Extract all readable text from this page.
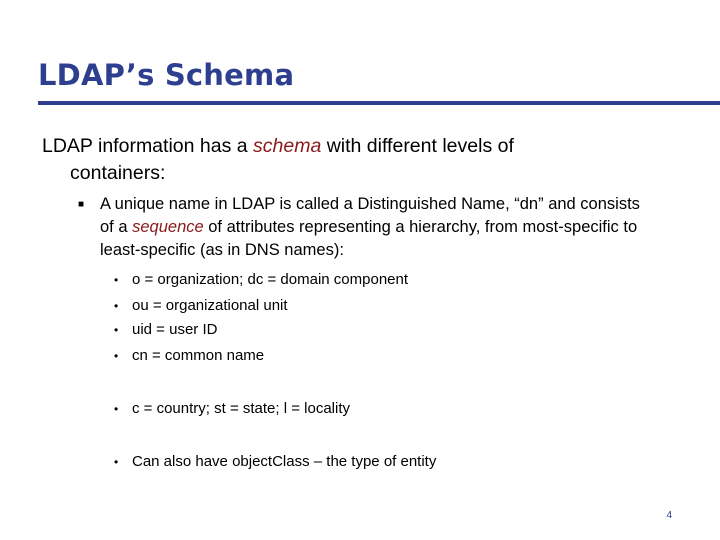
LDAP’s Schema
LDAP information has a schema with different levels of
containers:
■ A unique name in LDAP is called a Distinguished Name, “dn” and consists of a sequence of attributes representing a hierarchy, from most-specific to least-specific (as in DNS names):
• o = organization; dc = domain component
• ou = organizational unit
• uid = user ID
• cn = common name
• c = country; st = state; l = locality
• Can also have objectClass – the type of entity
4
